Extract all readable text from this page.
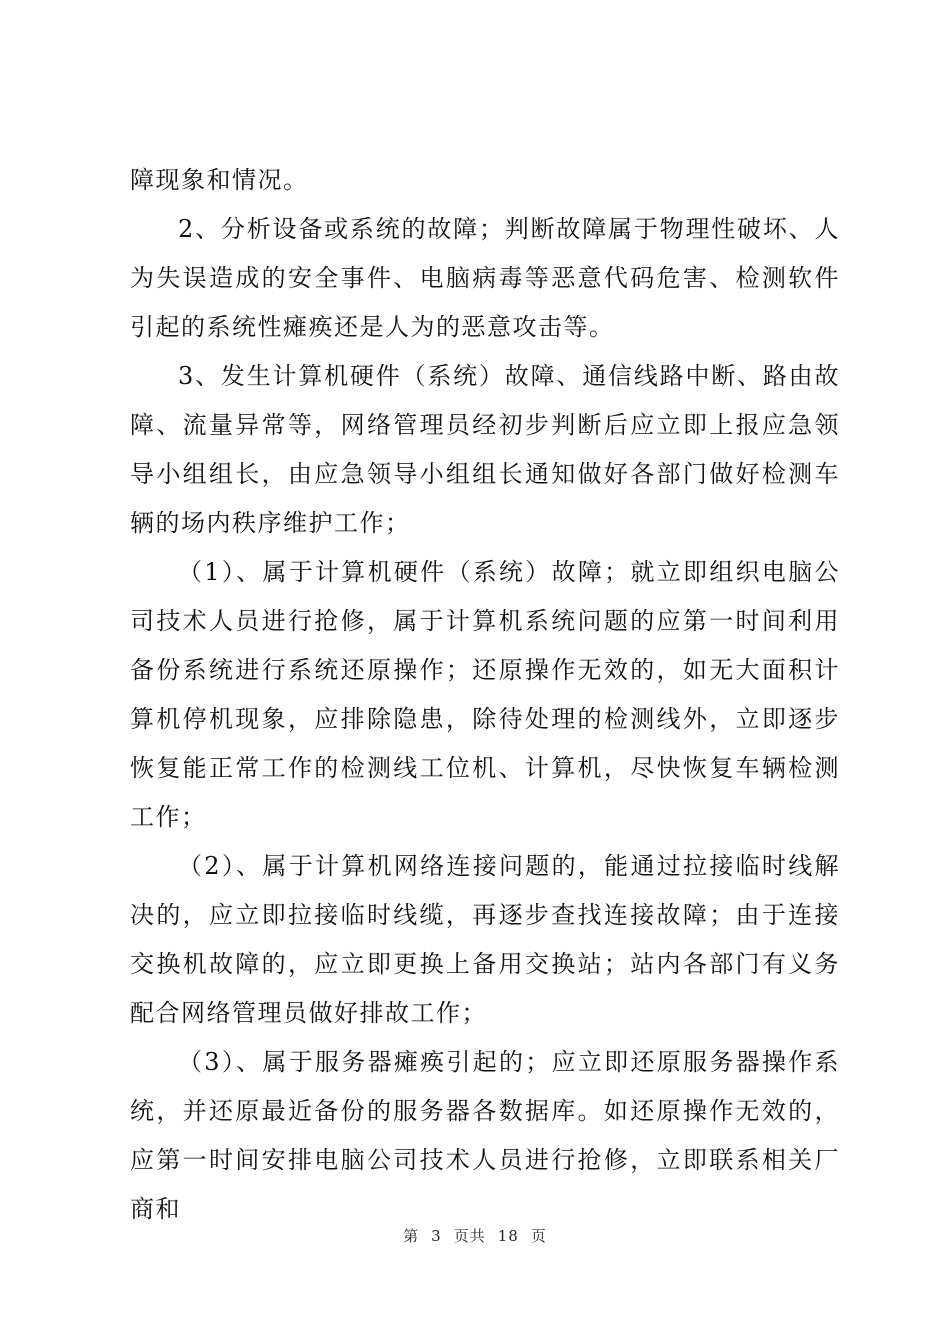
障现象和情况。

2、分析设备或系统的故障；判断故障属于物理性破坏、人为失误造成的安全事件、电脑病毒等恶意代码危害、检测软件引起的系统性瘫痪还是人为的恶意攻击等。

3、发生计算机硬件（系统）故障、通信线路中断、路由故障、流量异常等，网络管理员经初步判断后应立即上报应急领导小组组长，由应急领导小组组长通知做好各部门做好检测车辆的场内秩序维护工作；

（1）、属于计算机硬件（系统）故障；就立即组织电脑公司技术人员进行抢修，属于计算机系统问题的应第一时间利用备份系统进行系统还原操作；还原操作无效的，如无大面积计算机停机现象，应排除隐患，除待处理的检测线外，立即逐步恢复能正常工作的检测线工位机、计算机，尽快恢复车辆检测工作；

（2）、属于计算机网络连接问题的，能通过拉接临时线解决的，应立即拉接临时线缆，再逐步查找连接故障；由于连接交换机故障的，应立即更换上备用交换站；站内各部门有义务配合网络管理员做好排故工作；

（3）、属于服务器瘫痪引起的；应立即还原服务器操作系统，并还原最近备份的服务器各数据库。如还原操作无效的，应第一时间安排电脑公司技术人员进行抢修，立即联系相关厂商和

第 3 页共 18 页
